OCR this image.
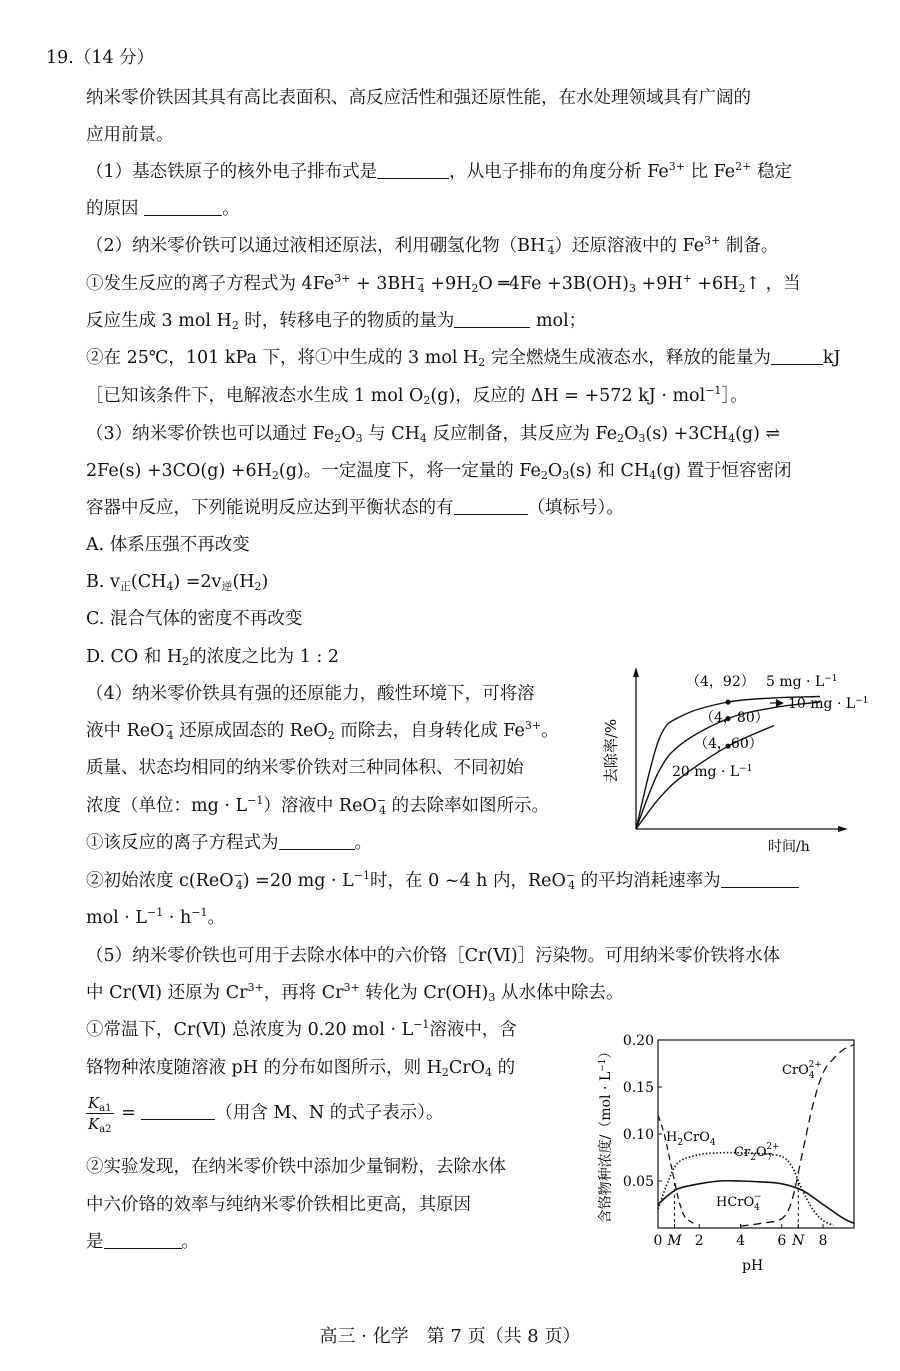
19.（14 分）
纳米零价铁因其具有高比表面积、高反应活性和强还原性能，在水处理领域具有广阔的
应用前景。
（1）基态铁原子的核外电子排布式是	，从电子排布的角度分析 $Fe^{3+}$ 比 $Fe^{2+}$ 稳定
的原因	。
（2）纳米零价铁可以通过液相还原法，利用硼氢化物$(BH^-_4)$还原溶液中的 $Fe^{3+}$ 制备。
①发生反应的离子方程式为 $4Fe^{3+} + 3BH^-_4 +9H_2O$ ═4Fe $+3B(OH)_3 +9H^+$ $+6H_2↑$ ，当
反应生成 3 mol $H_2$ 时，转移电子的物质的量为	mol；
②在 25℃，101 kPa 下，将①中生成的 3 mol $H_2$ 完全燃烧生成液态水，释放的能量为	kJ
［已知该条件下，电解液态水生成 1 mol $O_2(g)$，反应的 ΔH = +572 kJ · mol$^{-1}$］。
（3）纳米零价铁也可以通过 $Fe_2O_3$ 与 $CH_4$ 反应制备，其反应为 $Fe_2O_3(s) +3CH_4(g)$ ⇌
$2Fe(s) +3CO(g) +6H_2(g)$。一定温度下，将一定量的 $Fe_2O_3(s)$ 和 $CH_4(g)$ 置于恒容密闭
容器中反应，下列能说明反应达到平衡状态的有	（填标号）。
A. 体系压强不再改变
B. $v_正(CH_4) =2v_逆(H_2)$
C. 混合气体的密度不再改变
D. CO 和 $H_2$的浓度之比为 1 : 2
（4）纳米零价铁具有强的还原能力，酸性环境下，可将溶
液中 ReO−$_4$ 还原成固态的 ReO$_2$ 而除去，自身转化成 $Fe^{3+}$。
质量、状态均相同的纳米零价铁对三种同体积、不同初始
浓度（单位：mg · $L^{-1}$）溶液中 ReO−$_4$ 的去除率如图所示。
①该反应的离子方程式为	。
②初始浓度 c(ReO−$_4$) =20 mg · $L^{-1}$时，在 0 ~4 h 内，ReO−$_4$ 的平均消耗速率为
mol · $L^{-1} \cdot h^{-1}$。
去除率/%
时间/h
（4，92）
（4，80）
（4，60）
5 mg · $L^{-1}$
10 mg · $L^{-1}$
20 mg · $L^{-1}$
（5）纳米零价铁也可用于去除水体中的六价铬［Cr(Ⅵ)］污染物。可用纳米零价铁将水体
中 Cr(Ⅵ) 还原为 $Cr^{3+}$，再将 $Cr^{3+}$ 转化为 $Cr(OH)_3$ 从水体中除去。
①常温下，Cr(Ⅵ) 总浓度为 0.20 mol · $L^{-1}$溶液中，含
铬物种浓度随溶液 pH 的分布如图所示，则 $H_2CrO_4$ 的
$\frac{K_{a1}}{K_{a2}}$ =	（用含 M、N 的式子表示）。
②实验发现，在纳米零价铁中添加少量铜粉，去除水体
中六价铬的效率与纯纳米零价铁相比更高，其原因
是	。	0 M 2 4 6 N 8
0.05
0.10
0.15
0.20
含铬物种浓度$/(mol \cdot L^{-1})$
pH
$H_2CrO_4$
$Cr_2O_72+$
HCrO$_4$−
CrO$_4$2+
高三 · 化学　第 7 页（共 8 页）
